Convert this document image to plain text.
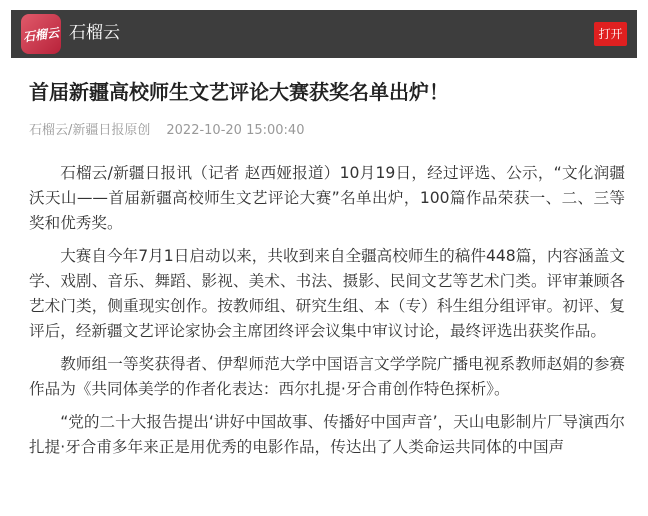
石榴云 石榴云	打开
首届新疆高校师生文艺评论大赛获奖名单出炉！
石榴云/新疆日报原创 2022-10-20 15:00:40

石榴云/新疆日报讯（记者 赵西娅报道）10月19日，经过评选、公示，“文化润疆沃天山——首届新疆高校师生文艺评论大赛”名单出炉，100篇作品荣获一、二、三等奖和优秀奖。

大赛自今年7月1日启动以来，共收到来自全疆高校师生的稿件448篇，内容涵盖文学、戏剧、音乐、舞蹈、影视、美术、书法、摄影、民间文艺等艺术门类。评审兼顾各艺术门类，侧重现实创作。按教师组、研究生组、本（专）科生组分组评审。初评、复评后，经新疆文艺评论家协会主席团终评会议集中审议讨论，最终评选出获奖作品。

教师组一等奖获得者、伊犁师范大学中国语言文学学院广播电视系教师赵娟的参赛作品为《共同体美学的作者化表达：西尔扎提·牙合甫创作特色探析》。

“党的二十大报告提出‘讲好中国故事、传播好中国声音’，天山电影制片厂导演西尔扎提·牙合甫多年来正是用优秀的电影作品，传达出了人类命运共同体的中国声
